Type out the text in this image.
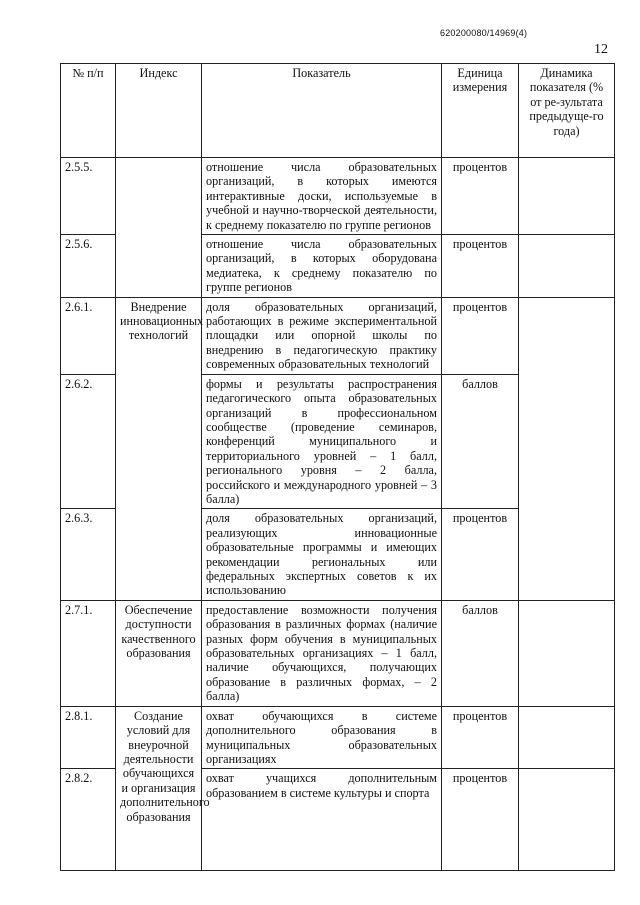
620200080/14969(4)
12
№ п/п	Индекс	Показатель	Единица измерения	Динамика показателя (% от ре-зультата предыдуще-го года)
2.5.5.		отношение числа образовательных организаций, в которых имеются интерактивные доски, используемые в учебной и научно-творческой деятельности, к среднему показателю по группе регионов	процентов	
2.5.6.		отношение числа образовательных организаций, в которых оборудована медиатека, к среднему показателю по группе регионов	процентов	
2.6.1.	Внедрение инновационных технологий	доля образовательных организаций, работающих в режиме экспериментальной площадки или опорной школы по внедрению в педагогическую практику современных образовательных технологий	процентов	
2.6.2.		формы и результаты распространения педагогического опыта образовательных организаций в профессиональном сообществе (проведение семинаров, конференций муниципального и территориального уровней – 1 балл, регионального уровня – 2 балла, российского и международного уровней – 3 балла)	баллов	
2.6.3.		доля образовательных организаций, реализующих инновационные образовательные программы и имеющих рекомендации региональных или федеральных экспертных советов к их использованию	процентов	
2.7.1.	Обеспечение доступности качественного образования	предоставление возможности получения образования в различных формах (наличие разных форм обучения в муниципальных образовательных организациях – 1 балл, наличие обучающихся, получающих образование в различных формах, – 2 балла)	баллов	
2.8.1.	Создание условий для внеурочной деятельности обучающихся и организация дополнительного образования	охват обучающихся в системе дополнительного образования в муниципальных образовательных организациях	процентов	
2.8.2.		охват учащихся дополнительным образованием в системе культуры и спорта	процентов	
